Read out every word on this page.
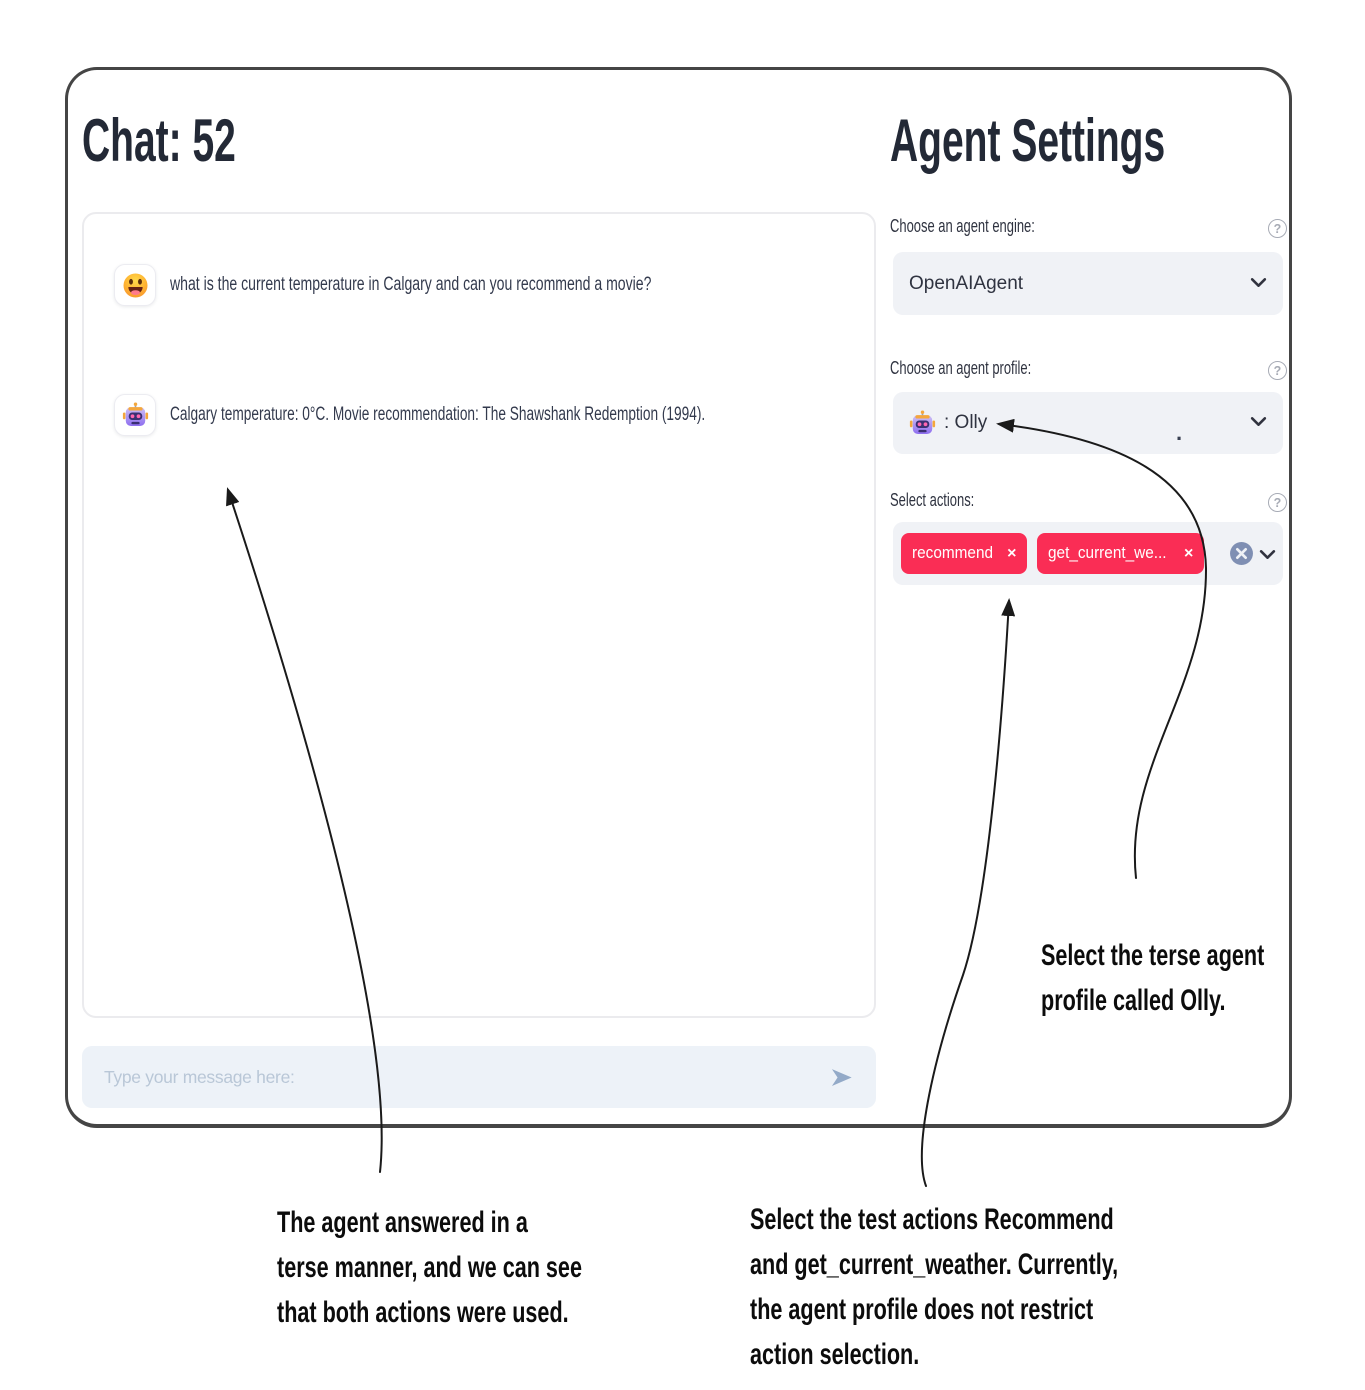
Chat: 52
what is the current temperature in Calgary and can you recommend a movie?
Calgary temperature: 0°C. Movie recommendation: The Shawshank Redemption (1994).
Type your message here:
Agent Settings
Choose an agent engine:	?
OpenAIAgent
Choose an agent profile:	?
: Olly	.
Select actions:	?
recommend × get_current_we... ×
Select the terse agent
profile called Olly.
The agent answered in a
terse manner, and we can see
that both actions were used.
Select the test actions Recommend
and get_current_weather. Currently,
the agent profile does not restrict
action selection.
